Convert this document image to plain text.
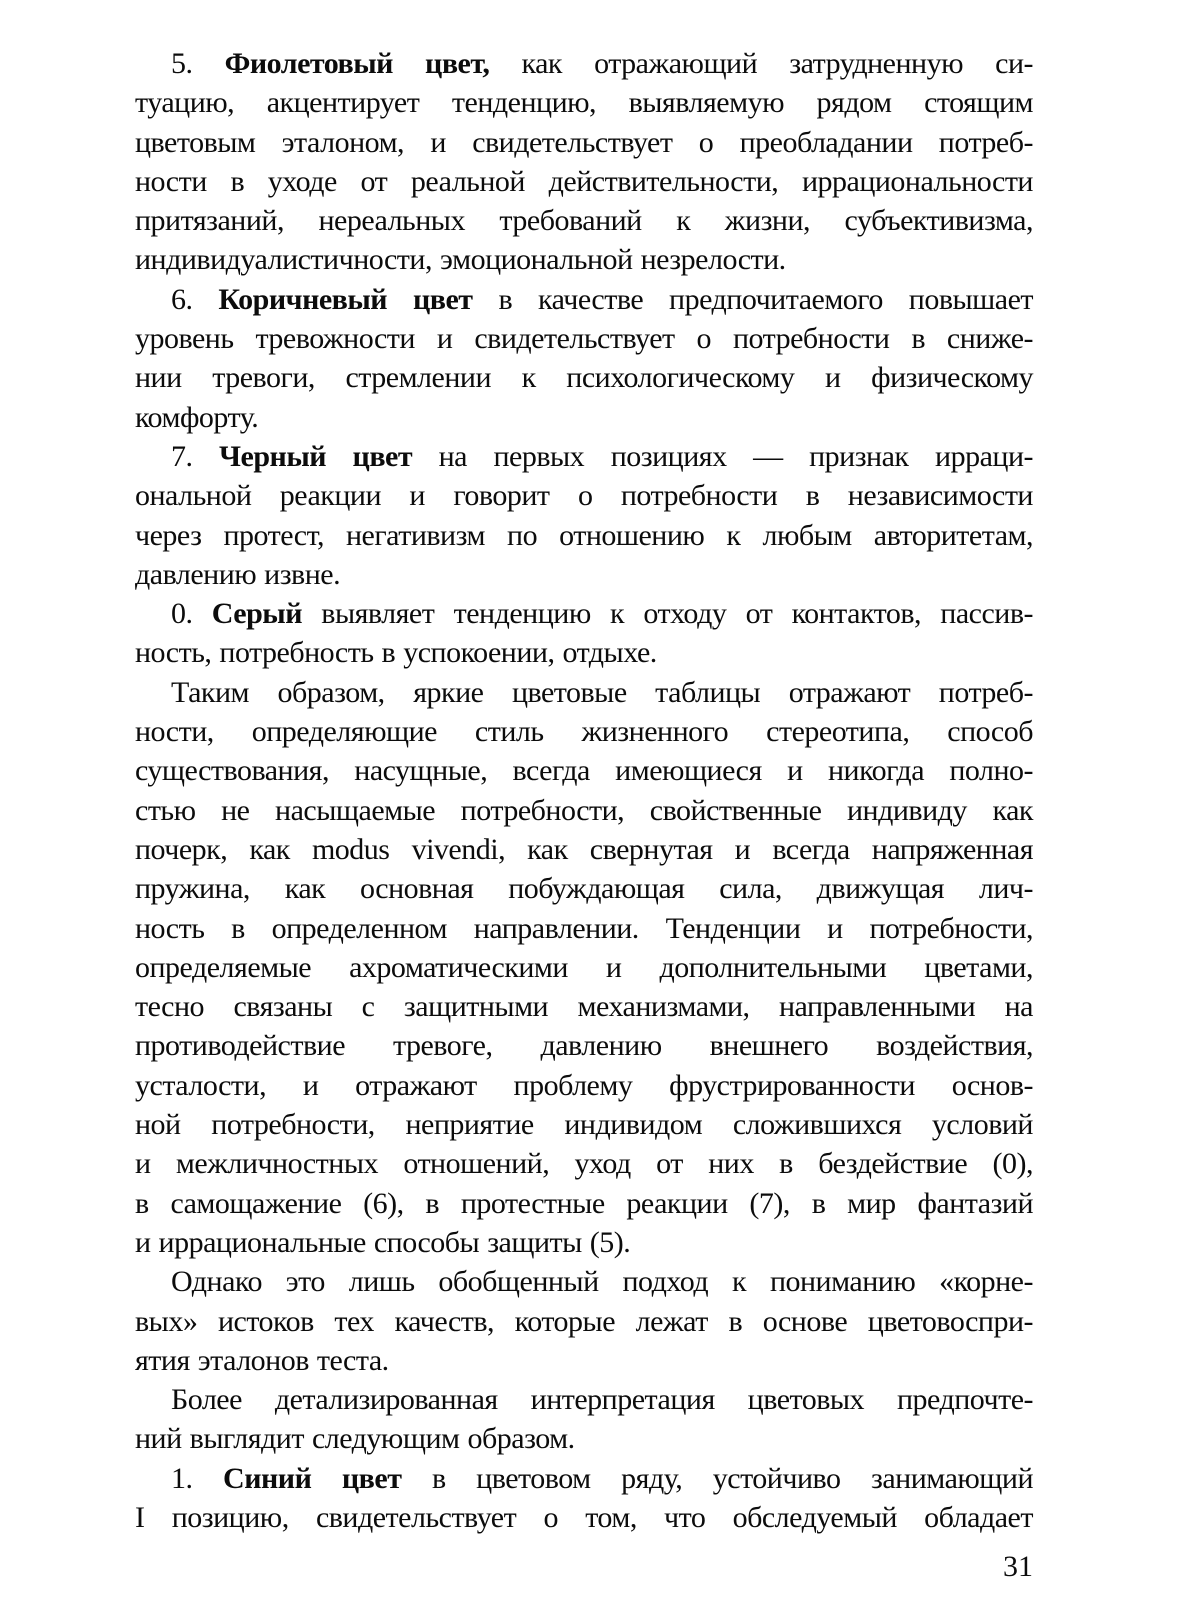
5. Фиолетовый цвет, как отражающий затрудненную си-
туацию, акцентирует тенденцию, выявляемую рядом стоящим
цветовым эталоном, и свидетельствует о преобладании потреб-
ности в уходе от реальной действительности, иррациональности
притязаний, нереальных требований к жизни, субъективизма,
индивидуалистичности, эмоциональной незрелости.
6. Коричневый цвет в качестве предпочитаемого повышает
уровень тревожности и свидетельствует о потребности в сниже-
нии тревоги, стремлении к психологическому и физическому
комфорту.
7. Черный цвет на первых позициях — признак ирраци-
ональной реакции и говорит о потребности в независимости
через протест, негативизм по отношению к любым авторитетам,
давлению извне.
0. Серый выявляет тенденцию к отходу от контактов, пассив-
ность, потребность в успокоении, отдыхе.
Таким образом, яркие цветовые таблицы отражают потреб-
ности, определяющие стиль жизненного стереотипа, способ
существования, насущные, всегда имеющиеся и никогда полно-
стью не насыщаемые потребности, свойственные индивиду как
почерк, как modus vivendi, как свернутая и всегда напряженная
пружина, как основная побуждающая сила, движущая лич-
ность в определенном направлении. Тенденции и потребности,
определяемые ахроматическими и дополнительными цветами,
тесно связаны с защитными механизмами, направленными на
противодействие тревоге, давлению внешнего воздействия,
усталости, и отражают проблему фрустрированности основ-
ной потребности, неприятие индивидом сложившихся условий
и межличностных отношений, уход от них в бездействие (0),
в самощажение (6), в протестные реакции (7), в мир фантазий
и иррациональные способы защиты (5).
Однако это лишь обобщенный подход к пониманию «корне-
вых» истоков тех качеств, которые лежат в основе цветовоспри-
ятия эталонов теста.
Более детализированная интерпретация цветовых предпочте-
ний выглядит следующим образом.
1. Синий цвет в цветовом ряду, устойчиво занимающий
I позицию, свидетельствует о том, что обследуемый обладает
31
